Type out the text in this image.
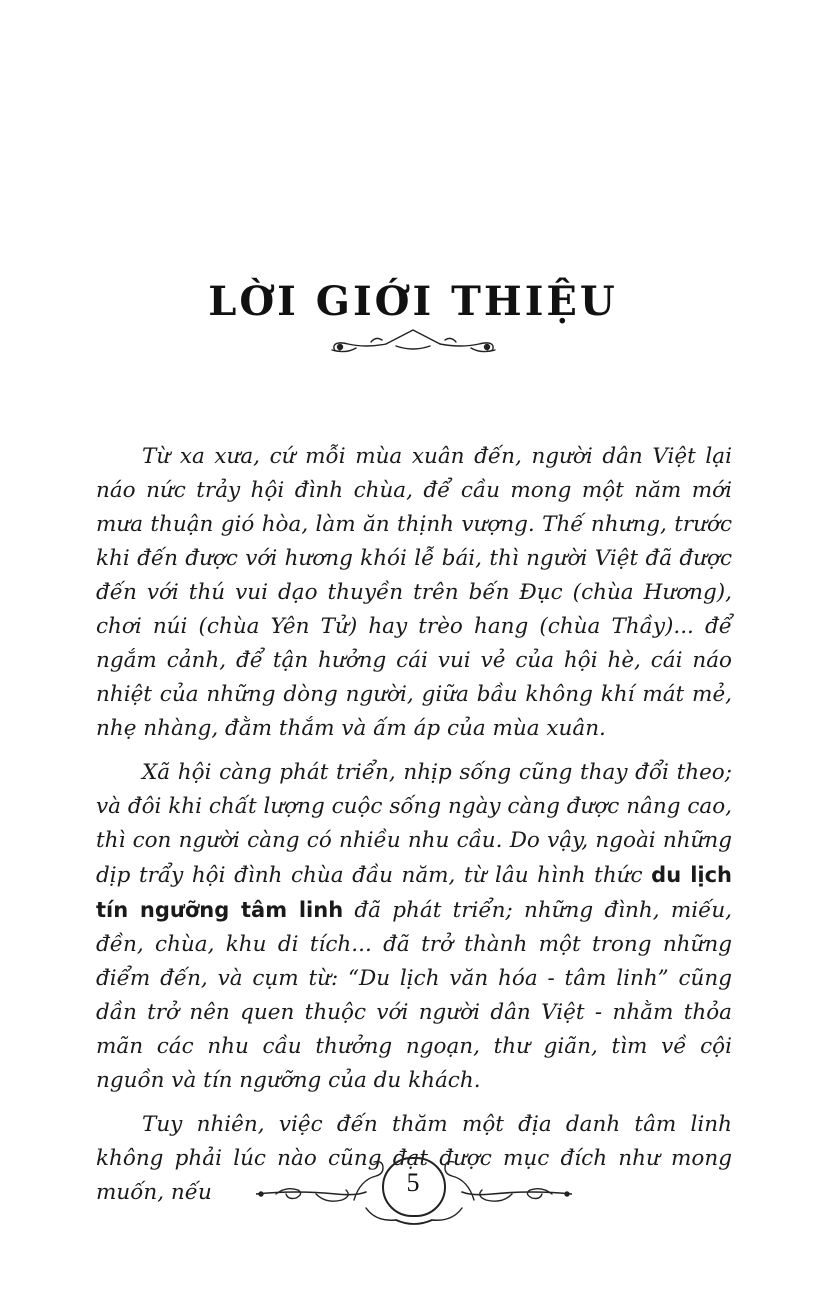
LỜI GIỚI THIỆU

Từ xa xưa, cứ mỗi mùa xuân đến, người dân Việt lại náo nức trảy hội đình chùa, để cầu mong một năm mới mưa thuận gió hòa, làm ăn thịnh vượng. Thế nhưng, trước khi đến được với hương khói lễ bái, thì người Việt đã được đến với thú vui dạo thuyền trên bến Đục (chùa Hương), chơi núi (chùa Yên Tử) hay trèo hang (chùa Thầy)... để ngắm cảnh, để tận hưởng cái vui vẻ của hội hè, cái náo nhiệt của những dòng người, giữa bầu không khí mát mẻ, nhẹ nhàng, đằm thắm và ấm áp của mùa xuân.

Xã hội càng phát triển, nhịp sống cũng thay đổi theo; và đôi khi chất lượng cuộc sống ngày càng được nâng cao, thì con người càng có nhiều nhu cầu. Do vậy, ngoài những dịp trẩy hội đình chùa đầu năm, từ lâu hình thức du lịch tín ngưỡng tâm linh đã phát triển; những đình, miếu, đền, chùa, khu di tích... đã trở thành một trong những điểm đến, và cụm từ: “Du lịch văn hóa - tâm linh” cũng dần trở nên quen thuộc với người dân Việt - nhằm thỏa mãn các nhu cầu thưởng ngoạn, thư giãn, tìm về cội nguồn và tín ngưỡng của du khách.

Tuy nhiên, việc đến thăm một địa danh tâm linh không phải lúc nào cũng đạt được mục đích như mong muốn, nếu	5
